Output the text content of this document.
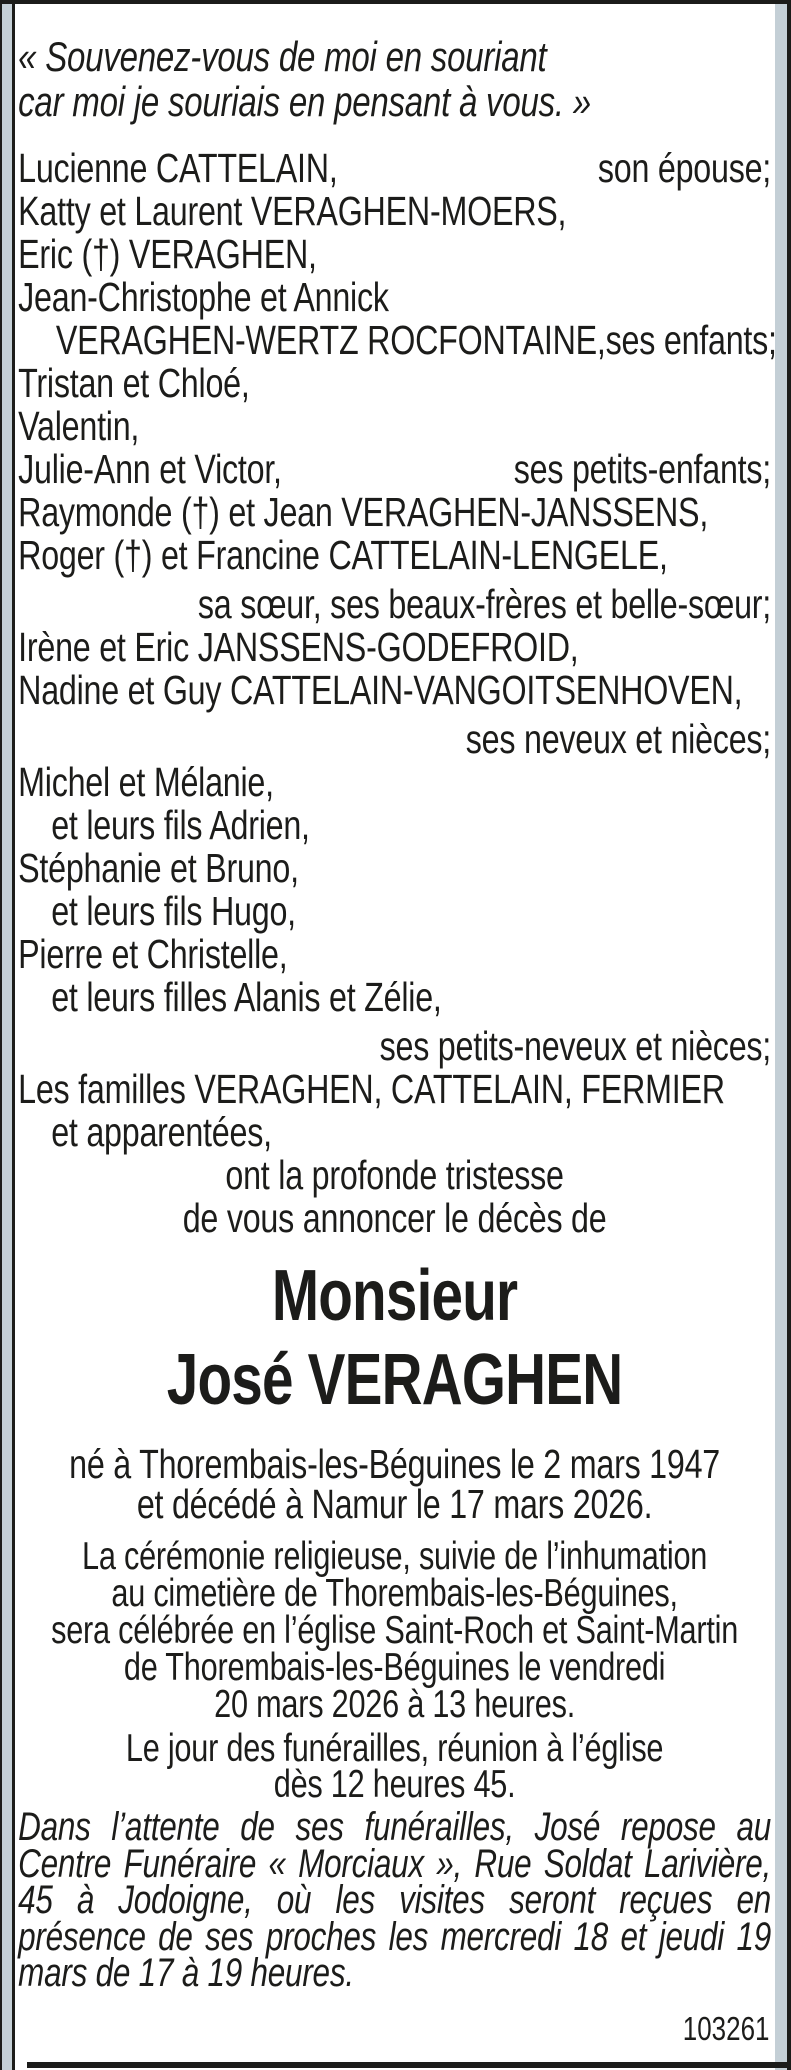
« Souvenez-vous de moi en souriant
car moi je souriais en pensant à vous. »
Lucienne CATTELAIN,	son épouse;
Katty et Laurent VERAGHEN-MOERS,
Eric (†) VERAGHEN,
Jean-Christophe et Annick
VERAGHEN-WERTZ ROCFONTAINE, ses enfants;
Tristan et Chloé,
Valentin,
Julie-Ann et Victor,	ses petits-enfants;
Raymonde (†) et Jean VERAGHEN-JANSSENS,
Roger (†) et Francine CATTELAIN-LENGELE,
sa sœur, ses beaux-frères et belle-sœur;
Irène et Eric JANSSENS-GODEFROID,
Nadine et Guy CATTELAIN-VANGOITSENHOVEN,
ses neveux et nièces;
Michel et Mélanie,
et leurs fils Adrien,
Stéphanie et Bruno,
et leurs fils Hugo,
Pierre et Christelle,
et leurs filles Alanis et Zélie,
ses petits-neveux et nièces;
Les familles VERAGHEN, CATTELAIN, FERMIER
et apparentées,
ont la profonde tristesse
de vous annoncer le décès de
Monsieur
José VERAGHEN
né à Thorembais-les-Béguines le 2 mars 1947
et décédé à Namur le 17 mars 2026.
La cérémonie religieuse, suivie de l’inhumation
au cimetière de Thorembais-les-Béguines,
sera célébrée en l’église Saint-Roch et Saint-Martin
de Thorembais-les-Béguines le vendredi
20 mars 2026 à 13 heures.
Le jour des funérailles, réunion à l’église
dès 12 heures 45.
Dans l’attente de ses funérailles, José repose au Centre Funéraire « Morciaux », Rue Soldat Larivière, 45 à Jodoigne, où les visites seront reçues en présence de ses proches les mercredi 18 et jeudi 19 mars de 17 à 19 heures.
103261
